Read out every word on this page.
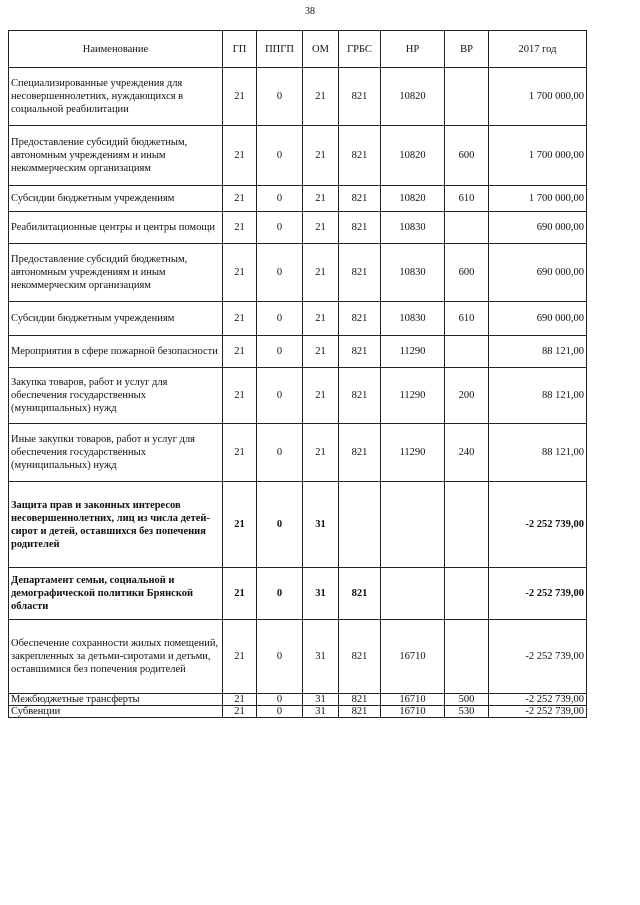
38
Наименование	ГП	ППГП	ОМ	ГРБС	НР	ВР	2017 год
Специализированные учреждения для несовершеннолетних, нуждающихся в социальной реабилитации	21	0	21	821	10820		1 700 000,00
Предоставление субсидий бюджетным, автономным учреждениям и иным некоммерческим организациям	21	0	21	821	10820	600	1 700 000,00
Субсидии бюджетным учреждениям	21	0	21	821	10820	610	1 700 000,00
Реабилитационные центры и центры помощи	21	0	21	821	10830		690 000,00
Предоставление субсидий бюджетным, автономным учреждениям и иным некоммерческим организациям	21	0	21	821	10830	600	690 000,00
Субсидии бюджетным учреждениям	21	0	21	821	10830	610	690 000,00
Мероприятия в сфере пожарной безопасности	21	0	21	821	11290		88 121,00
Закупка товаров, работ и услуг для обеспечения государственных (муниципальных) нужд	21	0	21	821	11290	200	88 121,00
Иные закупки товаров, работ и услуг для обеспечения государственных (муниципальных) нужд	21	0	21	821	11290	240	88 121,00
Защита прав и законных интересов несовершеннолетних, лиц из числа детей-сирот и детей, оставшихся без попечения родителей	21	0	31				-2 252 739,00
Департамент семьи, социальной и демографической политики Брянской области	21	0	31	821			-2 252 739,00
Обеспечение сохранности жилых помещений, закрепленных за детьми-сиротами и детьми, оставшимися без попечения родителей	21	0	31	821	16710		-2 252 739,00
Межбюджетные трансферты	21	0	31	821	16710	500	-2 252 739,00
Субвенции	21	0	31	821	16710	530	-2 252 739,00
